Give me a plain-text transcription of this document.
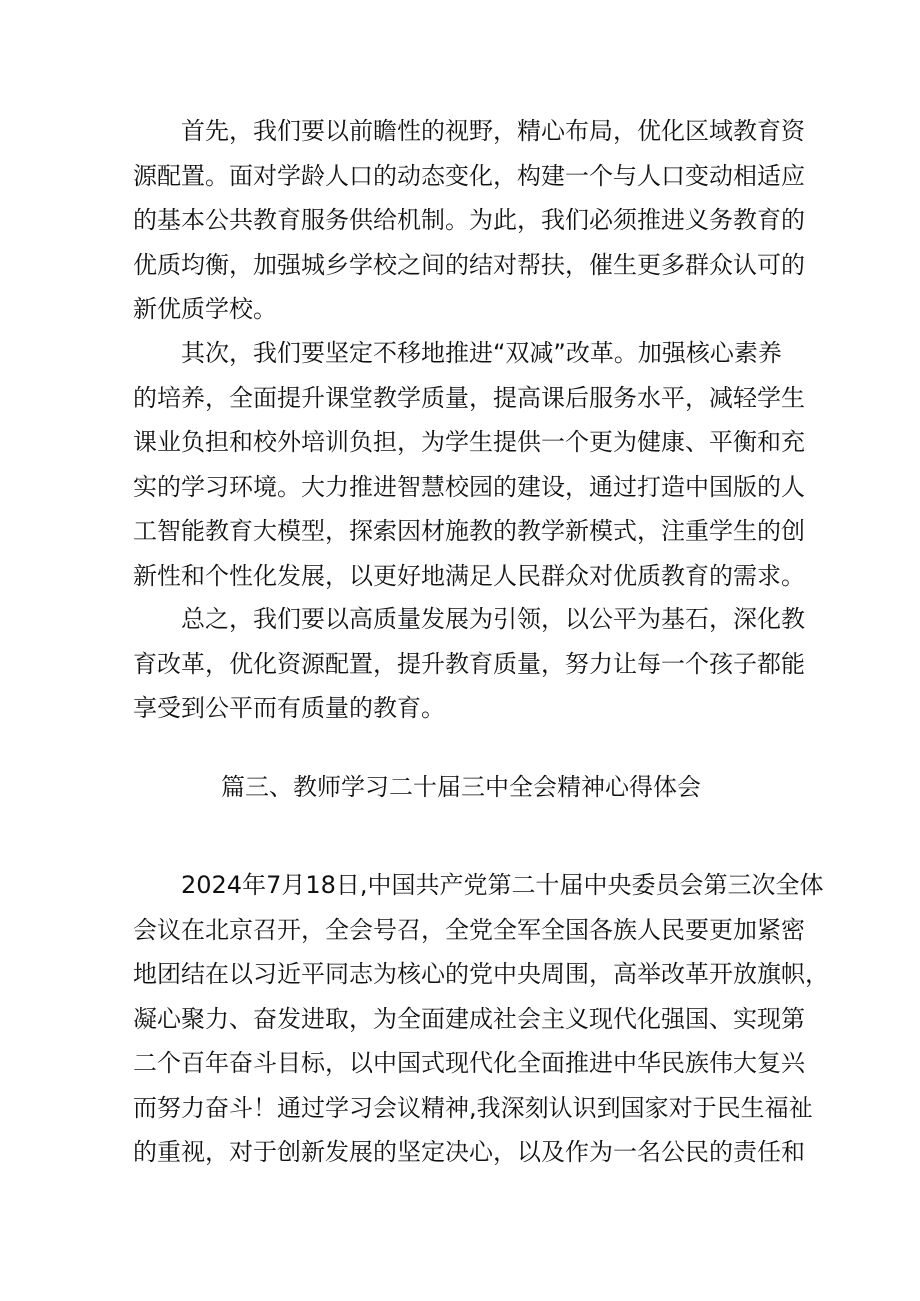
首先，我们要以前瞻性的视野，精心布局，优化区域教育资
源配置。面对学龄人口的动态变化，构建一个与人口变动相适应
的基本公共教育服务供给机制。为此，我们必须推进义务教育的
优质均衡，加强城乡学校之间的结对帮扶，催生更多群众认可的
新优质学校。
其次，我们要坚定不移地推进“双减”改革。加强核心素养
的培养，全面提升课堂教学质量，提高课后服务水平，减轻学生
课业负担和校外培训负担，为学生提供一个更为健康、平衡和充
实的学习环境。大力推进智慧校园的建设，通过打造中国版的人
工智能教育大模型，探索因材施教的教学新模式，注重学生的创
新性和个性化发展，以更好地满足人民群众对优质教育的需求。
总之，我们要以高质量发展为引领，以公平为基石，深化教
育改革，优化资源配置，提升教育质量，努力让每一个孩子都能
享受到公平而有质量的教育。
篇三、教师学习二十届三中全会精神心得体会
2024年7月18日,中国共产党第二十届中央委员会第三次全体
会议在北京召开，全会号召，全党全军全国各族人民要更加紧密
地团结在以习近平同志为核心的党中央周围，高举改革开放旗帜，
凝心聚力、奋发进取，为全面建成社会主义现代化强国、实现第
二个百年奋斗目标，以中国式现代化全面推进中华民族伟大复兴
而努力奋斗！通过学习会议精神,我深刻认识到国家对于民生福祉
的重视，对于创新发展的坚定决心，以及作为一名公民的责任和
